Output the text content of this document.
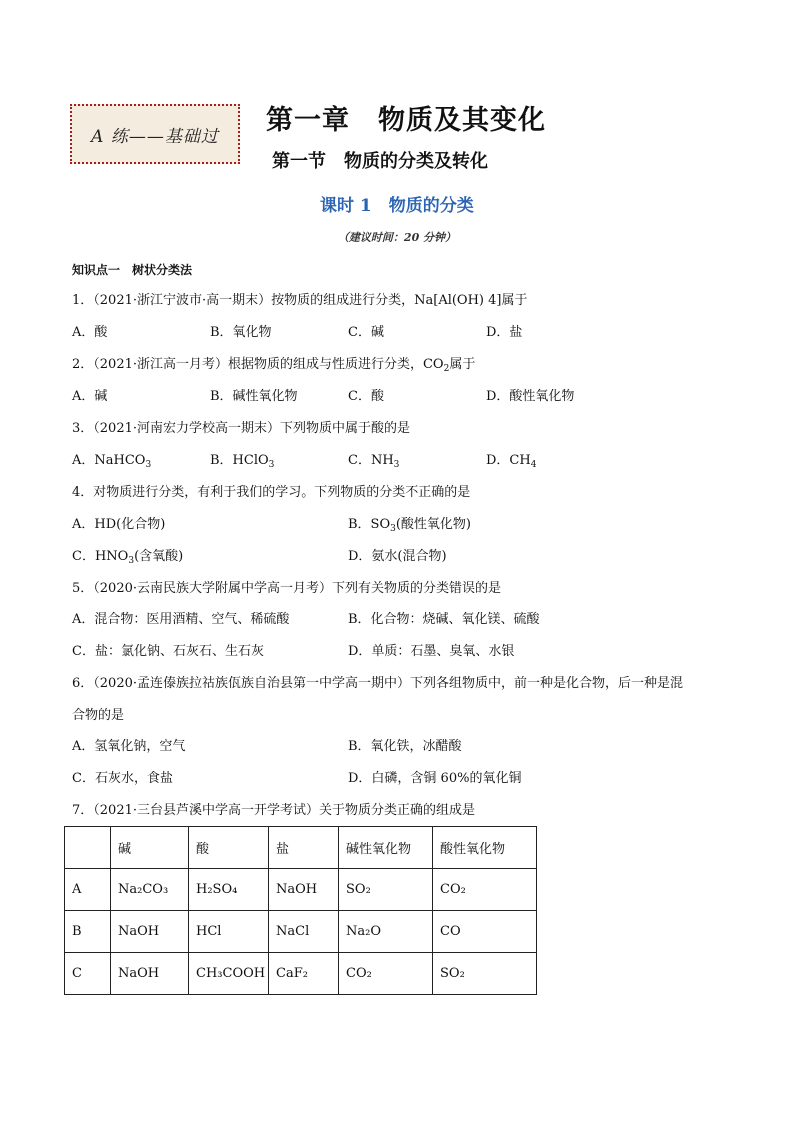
A 练——基础过
第一章　物质及其变化
第一节　物质的分类及转化
课时 1　物质的分类
（建议时间：20 分钟）
知识点一　树状分类法
1．（2021·浙江宁波市·高一期末）按物质的组成进行分类，Na[Al(OH) 4]属于
A．酸	B．氧化物	C．碱	D．盐
2．（2021·浙江高一月考）根据物质的组成与性质进行分类，$CO_2$属于
A．碱	B．碱性氧化物	C．酸	D．酸性氧化物
3．（2021·河南宏力学校高一期末）下列物质中属于酸的是
A．NaHCO$_3$	B．HClO$_3$	C．$NH_3$	D．$CH_4$
4．对物质进行分类，有利于我们的学习。下列物质的分类不正确的是
A．HD(化合物)	B．$SO_3$(酸性氧化物)
C．$HNO_3$(含氧酸)	D．氨水(混合物)
5．（2020·云南民族大学附属中学高一月考）下列有关物质的分类错误的是
A．混合物：医用酒精、空气、稀硫酸	B．化合物：烧碱、氧化镁、硫酸
C．盐：氯化钠、石灰石、生石灰	D．单质：石墨、臭氧、水银
6．（2020·孟连傣族拉祜族佤族自治县第一中学高一期中）下列各组物质中，前一种是化合物，后一种是混
合物的是
A．氢氧化钠，空气	B．氧化铁，冰醋酸
C．石灰水，食盐	D．白磷，含铜 60%的氧化铜
7．（2021·三台县芦溪中学高一开学考试）关于物质分类正确的组成是
	碱	酸	盐	碱性氧化物	酸性氧化物
A	Na₂CO₃	H₂SO₄	NaOH	SO₂	CO₂
B	NaOH	HCl	NaCl	Na₂O	CO
C	NaOH	CH₃COOH	CaF₂	CO₂	SO₂
